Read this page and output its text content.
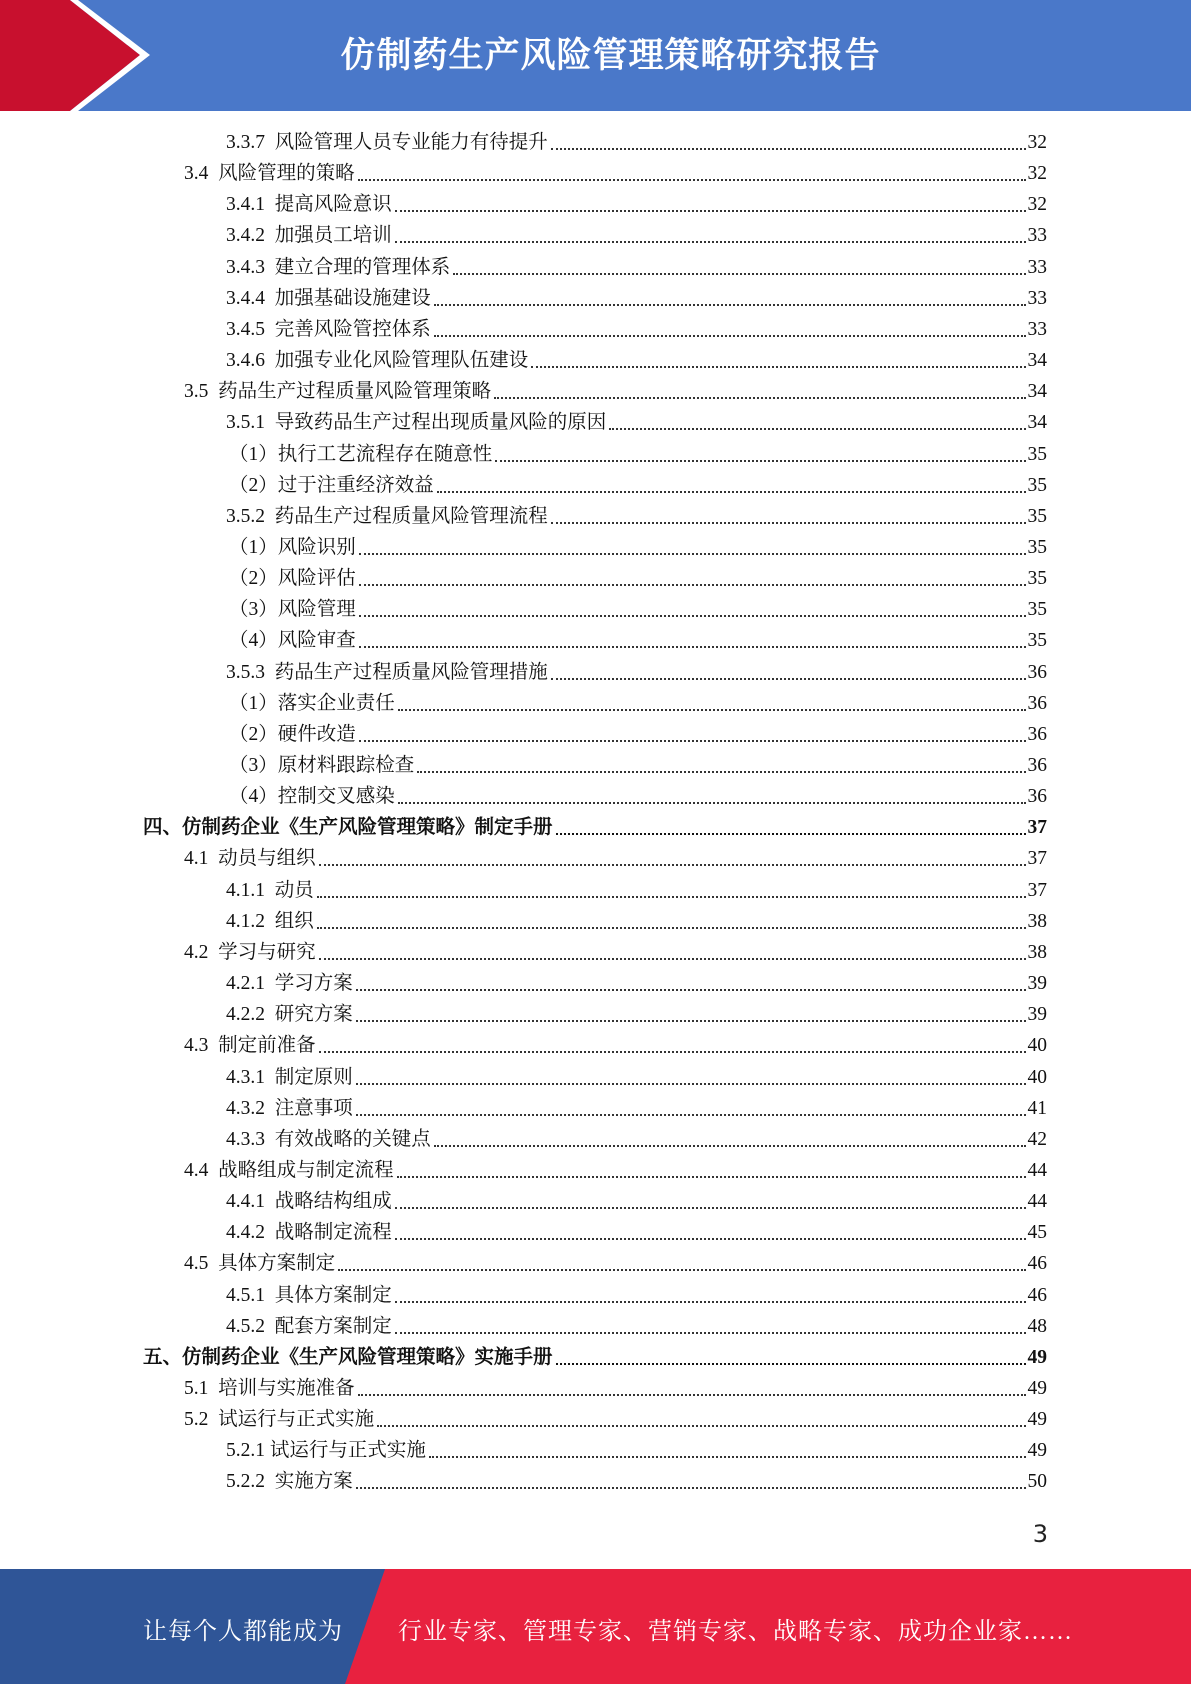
仿制药生产风险管理策略研究报告
3.3.7 风险管理人员专业能力有待提升	32
3.4 风险管理的策略	32
3.4.1 提高风险意识	32
3.4.2 加强员工培训	33
3.4.3 建立合理的管理体系	33
3.4.4 加强基础设施建设	33
3.4.5 完善风险管控体系	33
3.4.6 加强专业化风险管理队伍建设	34
3.5 药品生产过程质量风险管理策略	34
3.5.1 导致药品生产过程出现质量风险的原因	34
（1） 执行工艺流程存在随意性	35
（2） 过于注重经济效益	35
3.5.2 药品生产过程质量风险管理流程	35
（1） 风险识别	35
（2） 风险评估	35
（3） 风险管理	35
（4） 风险审查	35
3.5.3 药品生产过程质量风险管理措施	36
（1） 落实企业责任	36
（2） 硬件改造	36
（3） 原材料跟踪检查	36
（4） 控制交叉感染	36
四、仿制药企业《生产风险管理策略》制定手册	37
4.1 动员与组织	37
4.1.1 动员	37
4.1.2 组织	38
4.2 学习与研究	38
4.2.1 学习方案	39
4.2.2 研究方案	39
4.3 制定前准备	40
4.3.1 制定原则	40
4.3.2 注意事项	41
4.3.3 有效战略的关键点	42
4.4 战略组成与制定流程	44
4.4.1 战略结构组成	44
4.4.2 战略制定流程	45
4.5 具体方案制定	46
4.5.1 具体方案制定	46
4.5.2 配套方案制定	48
五、仿制药企业《生产风险管理策略》实施手册	49
5.1 培训与实施准备	49
5.2 试运行与正式实施	49
5.2.1 试运行与正式实施	49
5.2.2 实施方案	50
3
让每个人都能成为 行业专家、管理专家、营销专家、战略专家、成功企业家……
